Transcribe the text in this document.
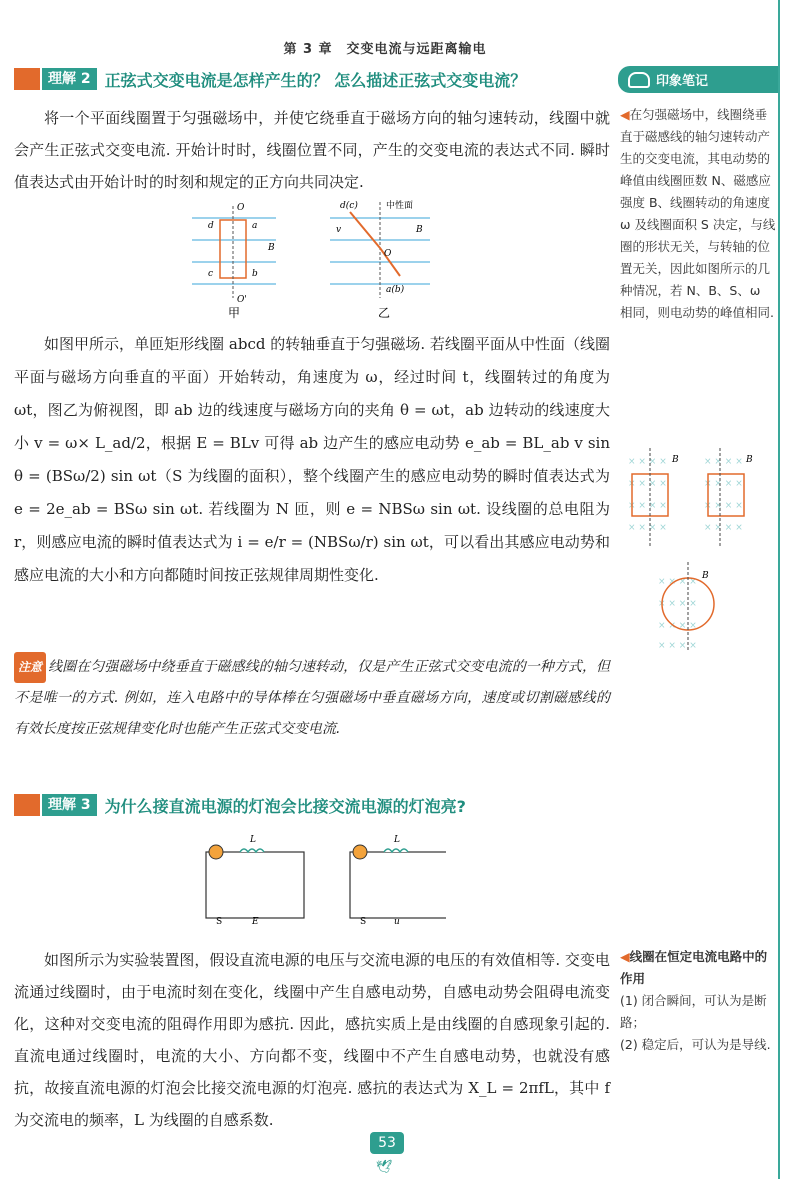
第 3 章　交变电流与远距离输电
理解 2 正弦式交变电流是怎样产生的？ 怎么描述正弦式交变电流？	印象笔记
将一个平面线圈置于匀强磁场中，并使它绕垂直于磁场方向的轴匀速转动，线圈中就会产生正弦式交变电流. 开始计时时，线圈位置不同，产生的交变电流的表达式不同. 瞬时值表达式由开始计时的时刻和规定的正方向共同决定.
d	a
c	b
B
O
O'
甲
d(c)	中性面
v
O
B
a(b)
乙
如图甲所示，单匝矩形线圈 abcd 的转轴垂直于匀强磁场. 若线圈平面从中性面（线圈平面与磁场方向垂直的平面）开始转动，角速度为 ω，经过时间 t，线圈转过的角度为 ωt，图乙为俯视图，即 ab 边的线速度与磁场方向的夹角 θ = ωt，ab 边转动的线速度大小 v = ω× L_ad/2，根据 E = BLv 可得 ab 边产生的感应电动势 e_ab = BL_ab v sin θ = (BSω/2) sin ωt（S 为线圈的面积），整个线圈产生的感应电动势的瞬时值表达式为 e = 2e_ab = BSω sin ωt. 若线圈为 N 匝，则 e = NBSω sin ωt. 设线圈的总电阻为 r，则感应电流的瞬时值表达式为 i = e/r = (NBSω/r) sin ωt，可以看出其感应电动势和感应电流的大小和方向都随时间按正弦规律周期性变化.
注意 线圈在匀强磁场中绕垂直于磁感线的轴匀速转动，仅是产生正弦式交变电流的一种方式，但不是唯一的方式. 例如，连入电路中的导体棒在匀强磁场中垂直磁场方向，速度或切割磁感线的有效长度按正弦规律变化时也能产生正弦式交变电流.
◀在匀强磁场中，线圈绕垂直于磁感线的轴匀速转动产生的交变电流，其电动势的峰值由线圈匝数 N、磁感应强度 B、线圈转动的角速度 ω 及线圈面积 S 决定，与线圈的形状无关，与转轴的位置无关，因此如图所示的几种情况，若 N、B、S、ω 相同，则电动势的峰值相同.
× × × ×	× × × ×
× × × ×	× × × ×
× × × ×	× × × ×
× × × ×	× × × ×
× × × ×
× × × ×
× × × ×
× × × ×
B	B
B
理解 3 为什么接直流电源的灯泡会比接交流电源的灯泡亮?
L	L
S	E	S	u
如图所示为实验装置图，假设直流电源的电压与交流电源的电压的有效值相等. 交变电流通过线圈时，由于电流时刻在变化，线圈中产生自感电动势，自感电动势会阻碍电流变化，这种对交变电流的阻碍作用即为感抗. 因此，感抗实质上是由线圈的自感现象引起的. 直流电通过线圈时，电流的大小、方向都不变，线圈中不产生自感电动势，也就没有感抗，故接直流电源的灯泡会比接交流电源的灯泡亮. 感抗的表达式为 X_L = 2πfL，其中 f 为交流电的频率，L 为线圈的自感系数.
◀线圈在恒定电流电路中的作用
(1) 闭合瞬间，可认为是断路；
(2) 稳定后，可认为是导线.
53
🕊
